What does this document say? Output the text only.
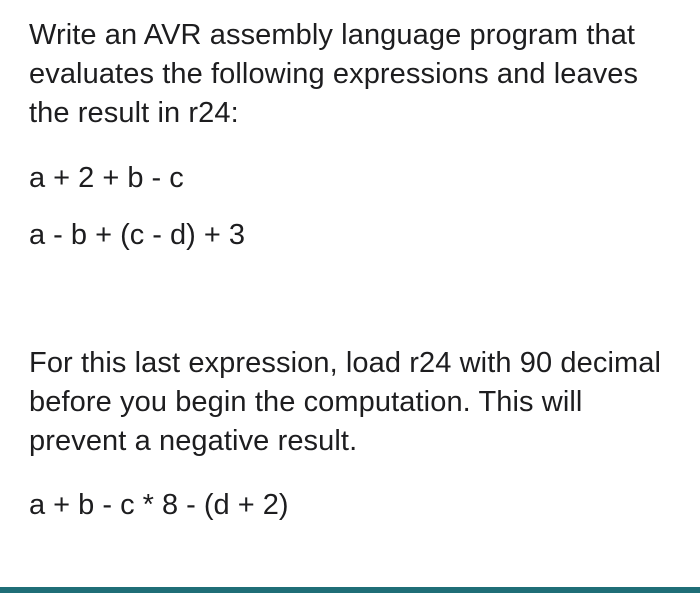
Write an AVR assembly language program that evaluates the following expressions and leaves the result in r24:

a + 2 + b - c

a - b + (c - d) + 3

For this last expression, load r24 with 90 decimal before you begin the computation. This will prevent a negative result.

a + b - c * 8 - (d + 2)
